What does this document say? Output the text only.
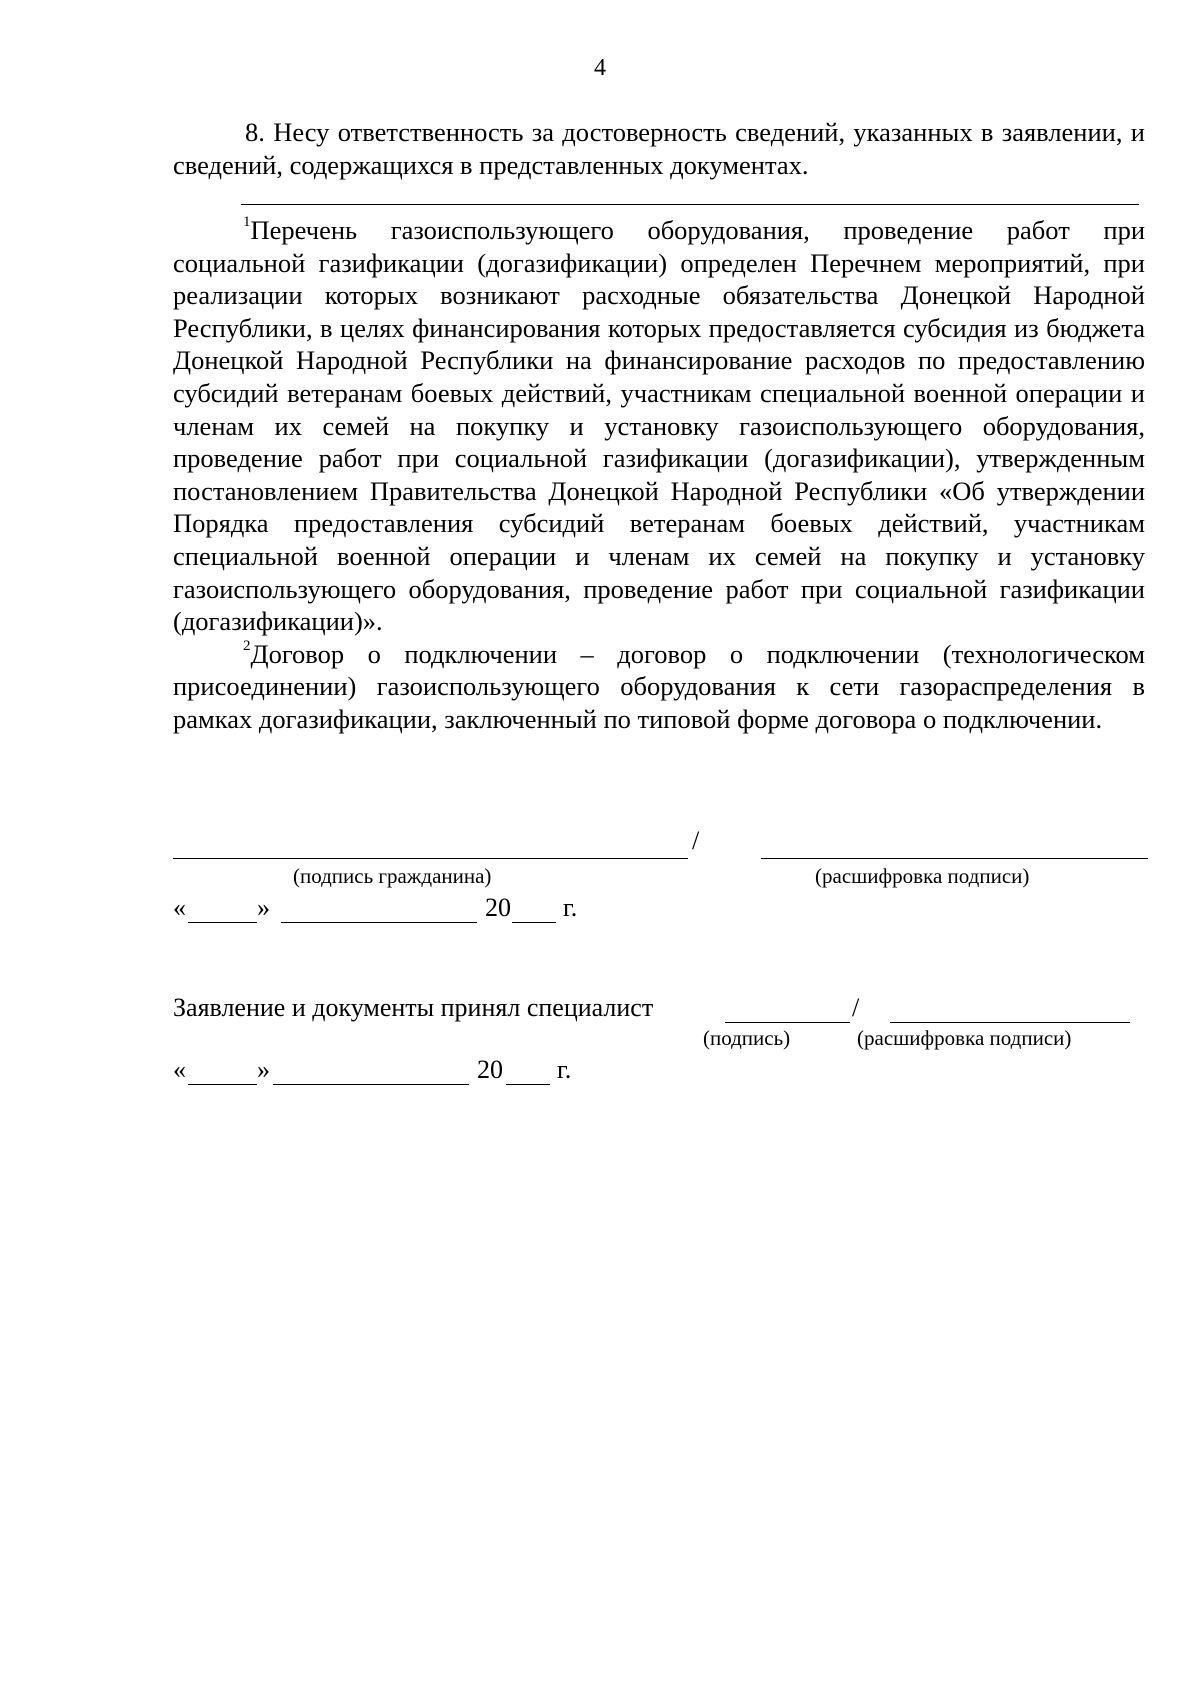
4
8. Несу ответственность за достоверность сведений, указанных в заявлении, и сведений, содержащихся в представленных документах.

$^1$Перечень газоиспользующего оборудования, проведение работ при социальной газификации (догазификации) определен Перечнем мероприятий, при реализации которых возникают расходные обязательства Донецкой Народной Республики, в целях финансирования которых предоставляется субсидия из бюджета Донецкой Народной Республики на финансирование расходов по предоставлению субсидий ветеранам боевых действий, участникам специальной военной операции и членам их семей на покупку и установку газоиспользующего оборудования, проведение работ при социальной газификации (догазификации), утвержденным постановлением Правительства Донецкой Народной Республики «Об утверждении Порядка предоставления субсидий ветеранам боевых действий, участникам специальной военной операции и членам их семей на покупку и установку газоиспользующего оборудования, проведение работ при социальной газификации (догазификации)».

$^2$Договор о подключении – договор о подключении (технологическом присоединении) газоиспользующего оборудования к сети газораспределения в рамках догазификации, заключенный по типовой форме договора о подключении.

/
(подпись гражданина)	(расшифровка подписи)
«	»	20 г.
Заявление и документы принял специалист	/
(подпись)	(расшифровка подписи)
«	»	20 г.
